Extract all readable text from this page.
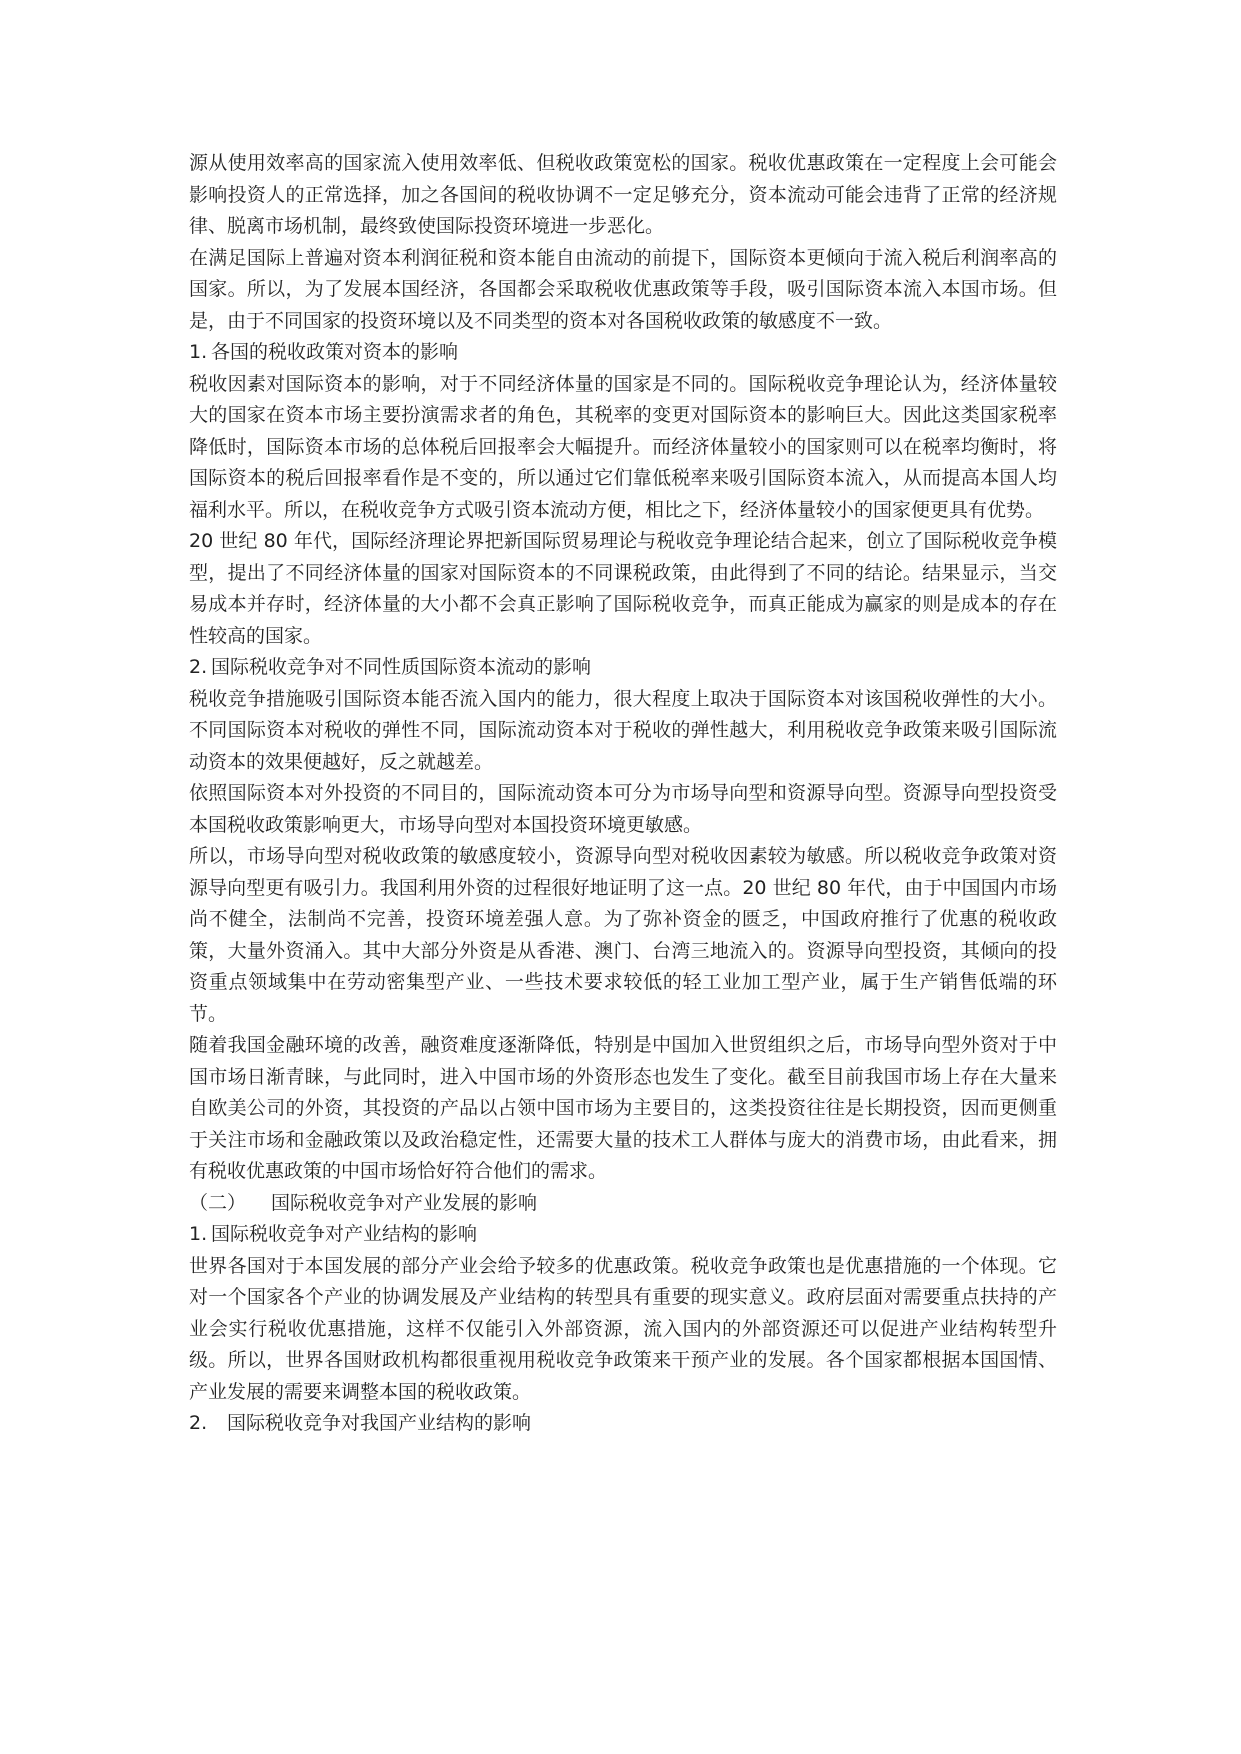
源从使用效率高的国家流入使用效率低、但税收政策宽松的国家。税收优惠政策在一定程度上会可能会影响投资人的正常选择，加之各国间的税收协调不一定足够充分，资本流动可能会违背了正常的经济规律、脱离市场机制，最终致使国际投资环境进一步恶化。

在满足国际上普遍对资本利润征税和资本能自由流动的前提下，国际资本更倾向于流入税后利润率高的国家。所以，为了发展本国经济，各国都会采取税收优惠政策等手段，吸引国际资本流入本国市场。但是，由于不同国家的投资环境以及不同类型的资本对各国税收政策的敏感度不一致。

1. 各国的税收政策对资本的影响

税收因素对国际资本的影响，对于不同经济体量的国家是不同的。国际税收竞争理论认为，经济体量较大的国家在资本市场主要扮演需求者的角色，其税率的变更对国际资本的影响巨大。因此这类国家税率降低时，国际资本市场的总体税后回报率会大幅提升。而经济体量较小的国家则可以在税率均衡时，将国际资本的税后回报率看作是不变的，所以通过它们靠低税率来吸引国际资本流入，从而提高本国人均福利水平。所以，在税收竞争方式吸引资本流动方便，相比之下，经济体量较小的国家便更具有优势。

20 世纪 80 年代，国际经济理论界把新国际贸易理论与税收竞争理论结合起来，创立了国际税收竞争模型，提出了不同经济体量的国家对国际资本的不同课税政策，由此得到了不同的结论。结果显示，当交易成本并存时，经济体量的大小都不会真正影响了国际税收竞争，而真正能成为赢家的则是成本的存在性较高的国家。

2. 国际税收竞争对不同性质国际资本流动的影响

税收竞争措施吸引国际资本能否流入国内的能力，很大程度上取决于国际资本对该国税收弹性的大小。不同国际资本对税收的弹性不同，国际流动资本对于税收的弹性越大，利用税收竞争政策来吸引国际流动资本的效果便越好，反之就越差。

依照国际资本对外投资的不同目的，国际流动资本可分为市场导向型和资源导向型。资源导向型投资受本国税收政策影响更大，市场导向型对本国投资环境更敏感。

所以，市场导向型对税收政策的敏感度较小，资源导向型对税收因素较为敏感。所以税收竞争政策对资源导向型更有吸引力。我国利用外资的过程很好地证明了这一点。20 世纪 80 年代，由于中国国内市场尚不健全，法制尚不完善，投资环境差强人意。为了弥补资金的匮乏，中国政府推行了优惠的税收政策，大量外资涌入。其中大部分外资是从香港、澳门、台湾三地流入的。资源导向型投资，其倾向的投资重点领域集中在劳动密集型产业、一些技术要求较低的轻工业加工型产业，属于生产销售低端的环节。

随着我国金融环境的改善，融资难度逐渐降低，特别是中国加入世贸组织之后，市场导向型外资对于中国市场日渐青睐，与此同时，进入中国市场的外资形态也发生了变化。截至目前我国市场上存在大量来自欧美公司的外资，其投资的产品以占领中国市场为主要目的，这类投资往往是长期投资，因而更侧重于关注市场和金融政策以及政治稳定性，还需要大量的技术工人群体与庞大的消费市场，由此看来，拥有税收优惠政策的中国市场恰好符合他们的需求。

（二） 国际税收竞争对产业发展的影响

1. 国际税收竞争对产业结构的影响

世界各国对于本国发展的部分产业会给予较多的优惠政策。税收竞争政策也是优惠措施的一个体现。它对一个国家各个产业的协调发展及产业结构的转型具有重要的现实意义。政府层面对需要重点扶持的产业会实行税收优惠措施，这样不仅能引入外部资源，流入国内的外部资源还可以促进产业结构转型升级。所以，世界各国财政机构都很重视用税收竞争政策来干预产业的发展。各个国家都根据本国国情、产业发展的需要来调整本国的税收政策。

2. 国际税收竞争对我国产业结构的影响
